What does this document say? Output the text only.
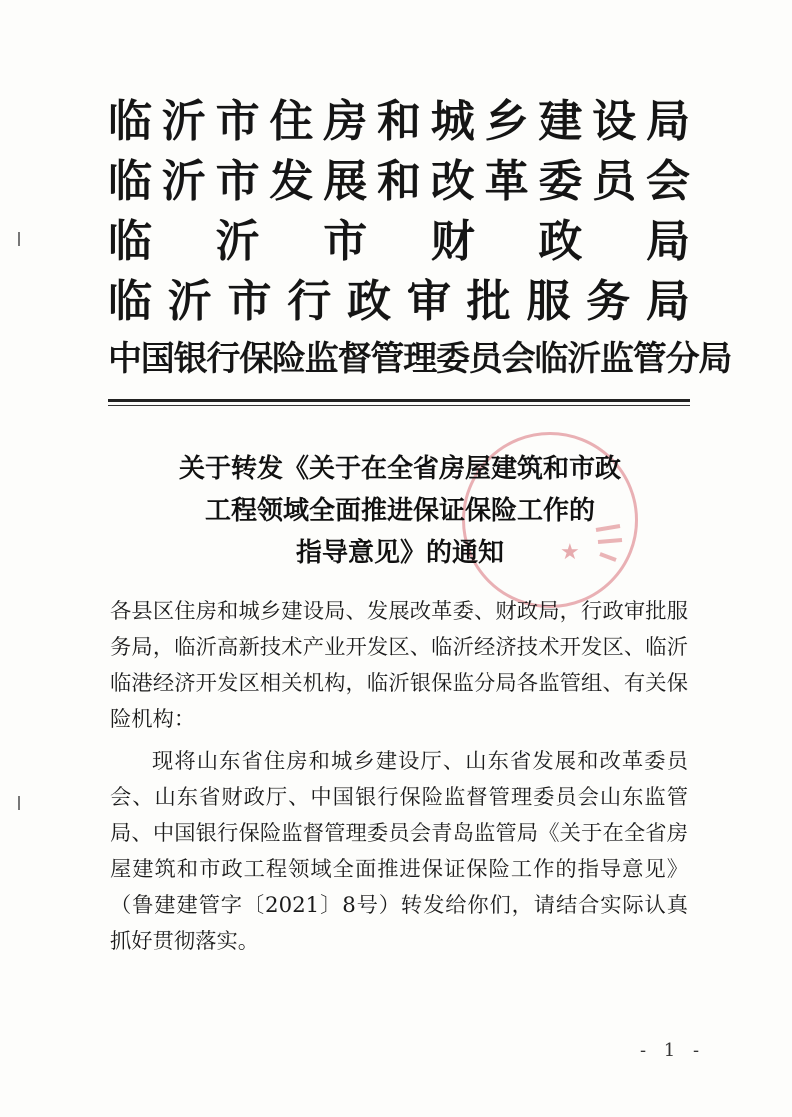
临 沂 市 住 房 和 城 乡 建 设 局
临 沂 市 发 展 和 改 革 委 员 会
临 沂 市 财 政 局
临 沂 市 行 政 审 批 服 务 局
中国银行保险监督管理委员会临沂监管分局
★
关于转发《关于在全省房屋建筑和市政
工程领域全面推进保证保险工作的
指导意见》的通知

各县区住房和城乡建设局、发展改革委、财政局，行政审批服务局，临沂高新技术产业开发区、临沂经济技术开发区、临沂临港经济开发区相关机构，临沂银保监分局各监管组、有关保险机构：

现将山东省住房和城乡建设厅、山东省发展和改革委员会、山东省财政厅、中国银行保险监督管理委员会山东监管局、中国银行保险监督管理委员会青岛监管局《关于在全省房屋建筑和市政工程领域全面推进保证保险工作的指导意见》（鲁建建管字〔2021〕8号）转发给你们，请结合实际认真抓好贯彻落实。

- 1 -
